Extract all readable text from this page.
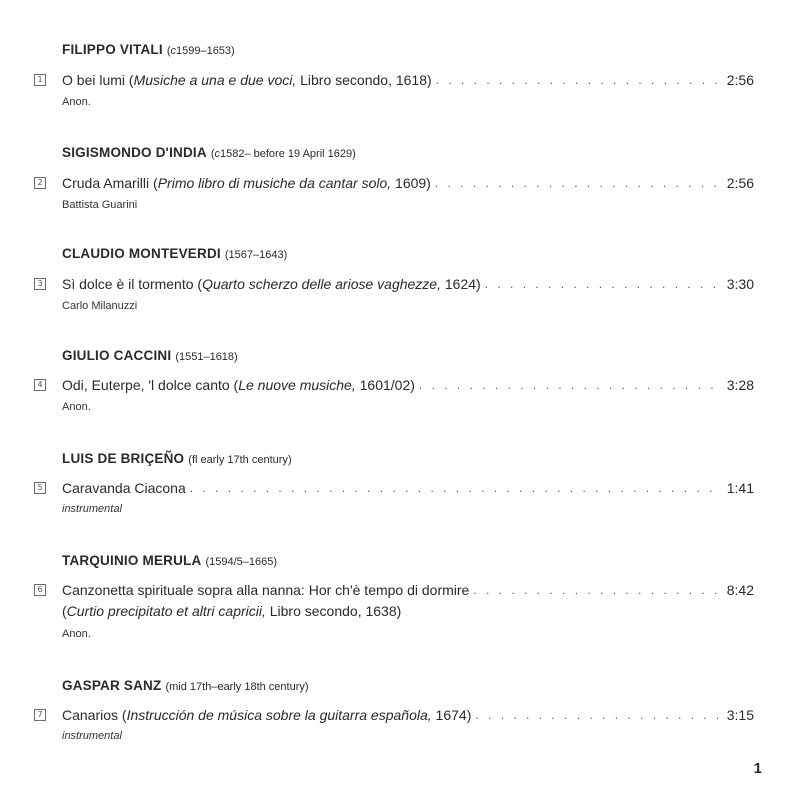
FILIPPO VITALI (c1599–1653)
1 O bei lumi (Musiche a una e due voci, Libro secondo, 1618) . . .	2:56
Anon.
SIGISMONDO D'INDIA (c1582– before 19 April 1629)
2 Cruda Amarilli (Primo libro di musiche da cantar solo, 1609) . . .	2:56
Battista Guarini
CLAUDIO MONTEVERDI (1567–1643)
3 Sì dolce è il tormento (Quarto scherzo delle ariose vaghezze, 1624) . . .	3:30
Carlo Milanuzzi
GIULIO CACCINI (1551–1618)
4 Odi, Euterpe, 'l dolce canto (Le nuove musiche, 1601/02) . . .	3:28
Anon.
LUIS DE BRIÇEÑO (fl early 17th century)
5 Caravanda Ciacona . . .	1:41
instrumental
TARQUINIO MERULA (1594/5–1665)
6 Canzonetta spirituale sopra alla nanna: Hor ch'è tempo di dormire . . .	8:42
(Curtio precipitato et altri capricii, Libro secondo, 1638)
Anon.
GASPAR SANZ (mid 17th–early 18th century)
7 Canarios (Instrucción de música sobre la guitarra española, 1674) . . .	3:15
instrumental
1
